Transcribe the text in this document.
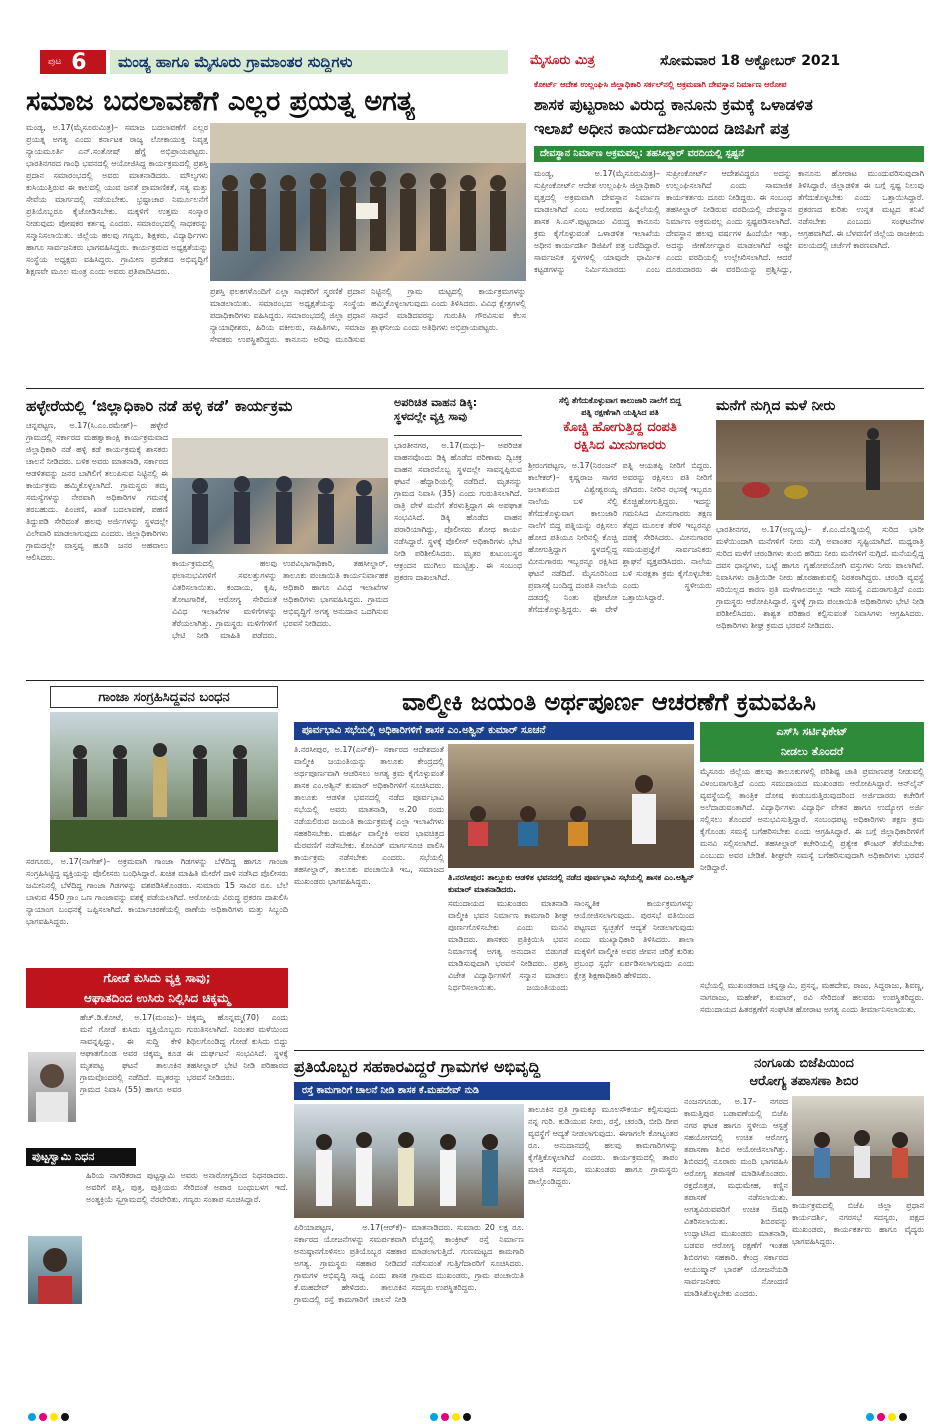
ಪುಟ 6 ಮಂಡ್ಯ ಹಾಗೂ ಮೈಸೂರು ಗ್ರಾಮಾಂತರ ಸುದ್ದಿಗಳು	ಮೈಸೂರು ಮಿತ್ರ	ಸೋಮವಾರ 18 ಅಕ್ಟೋಬರ್ 2021
ಸಮಾಜ ಬದಲಾವಣೆಗೆ ಎಲ್ಲರ ಪ್ರಯತ್ನ ಅಗತ್ಯ
ಮಂಡ್ಯ, ಅ.17(ಮೈಸೂರುಮಿತ್ರ)– ಸಮಾಜ ಬದಲಾವಣೆಗೆ ಎಲ್ಲರ ಪ್ರಯತ್ನ ಅಗತ್ಯ ಎಂದು ಕರ್ನಾಟಕ ರಾಜ್ಯ ಲೋಕಾಯುಕ್ತ ನಿವೃತ್ತ ನ್ಯಾಯಮೂರ್ತಿ ಎನ್.ಸಂತೋಷ್ ಹೆಗ್ಡೆ ಅಭಿಪ್ರಾಯಪಟ್ಟರು. ಭಾರತಿನಗರದ ಗಾಂಧಿ ಭವನದಲ್ಲಿ ಆಯೋಜಿಸಿದ್ದ ಕಾರ್ಯಕ್ರಮದಲ್ಲಿ ಪ್ರಶಸ್ತಿ ಪ್ರದಾನ ಸಮಾರಂಭದಲ್ಲಿ ಅವರು ಮಾತನಾಡಿದರು. ಮೌಲ್ಯಗಳು ಕುಸಿಯುತ್ತಿರುವ ಈ ಕಾಲದಲ್ಲಿ ಯುವ ಜನತೆ ಪ್ರಾಮಾಣಿಕತೆ, ಸತ್ಯ ಮತ್ತು ಸೇವೆಯ ಮಾರ್ಗದಲ್ಲಿ ನಡೆಯಬೇಕು. ಭ್ರಷ್ಟಾಚಾರ ನಿರ್ಮೂಲನೆಗೆ ಪ್ರತಿಯೊಬ್ಬರೂ ಕೈಜೋಡಿಸಬೇಕು. ಮಕ್ಕಳಿಗೆ ಉತ್ತಮ ಸಂಸ್ಕಾರ ನೀಡುವುದು ಪೋಷಕರ ಕರ್ತವ್ಯ ಎಂದರು. ಸಮಾರಂಭದಲ್ಲಿ ಸಾಧಕರನ್ನು ಸನ್ಮಾನಿಸಲಾಯಿತು. ಜಿಲ್ಲೆಯ ಹಲವು ಗಣ್ಯರು, ಶಿಕ್ಷಕರು, ವಿದ್ಯಾರ್ಥಿಗಳು ಹಾಗೂ ಸಾರ್ವಜನಿಕರು ಭಾಗವಹಿಸಿದ್ದರು. ಕಾರ್ಯಕ್ರಮದ ಅಧ್ಯಕ್ಷತೆಯನ್ನು ಸಂಸ್ಥೆಯ ಅಧ್ಯಕ್ಷರು ವಹಿಸಿದ್ದರು. ಗ್ರಾಮೀಣ ಪ್ರದೇಶದ ಅಭಿವೃದ್ಧಿಗೆ ಶಿಕ್ಷಣವೇ ಮೂಲ ಮಂತ್ರ ಎಂದು ಅವರು ಪ್ರತಿಪಾದಿಸಿದರು.
ಪ್ರಶಸ್ತಿ ಫಲಕಗಳೊಂದಿಗೆ ಎಲ್ಲಾ ಸಾಧಕರಿಗೆ ಸ್ಮರಣಿಕೆ ಪ್ರದಾನ ಮಾಡಲಾಯಿತು. ಸಮಾರಂಭದ ಅಧ್ಯಕ್ಷತೆಯನ್ನು ಸಂಸ್ಥೆಯ ಪದಾಧಿಕಾರಿಗಳು ವಹಿಸಿದ್ದರು. ಸಮಾರಂಭದಲ್ಲಿ ಜಿಲ್ಲಾ ಪ್ರಧಾನ ನ್ಯಾಯಾಧೀಶರು, ಹಿರಿಯ ವಕೀಲರು, ಸಾಹಿತಿಗಳು, ಸಮಾಜ ಸೇವಕರು ಉಪಸ್ಥಿತರಿದ್ದರು. ಕಾನೂನು ಅರಿವು ಮೂಡಿಸುವ ನಿಟ್ಟಿನಲ್ಲಿ ಗ್ರಾಮ ಮಟ್ಟದಲ್ಲಿ ಕಾರ್ಯಕ್ರಮಗಳನ್ನು ಹಮ್ಮಿಕೊಳ್ಳಲಾಗುವುದು ಎಂದು ತಿಳಿಸಿದರು. ವಿವಿಧ ಕ್ಷೇತ್ರಗಳಲ್ಲಿ ಸಾಧನೆ ಮಾಡಿದವರನ್ನು ಗುರುತಿಸಿ ಗೌರವಿಸುವ ಕೆಲಸ ಶ್ಲಾಘನೀಯ ಎಂದು ಅತಿಥಿಗಳು ಅಭಿಪ್ರಾಯಪಟ್ಟರು.
ಕೋರ್ಟ್ ಆದೇಶ ಉಲ್ಲಂಘಿಸಿ ಜಿಲ್ಲಾಧಿಕಾರಿ ಸರ್ಕಲ್‌ನಲ್ಲಿ ಅಕ್ರಮವಾಗಿ ದೇವಸ್ಥಾನ ನಿರ್ಮಾಣ ಆರೋಪ
ಶಾಸಕ ಪುಟ್ಟರಾಜು ವಿರುದ್ಧ ಕಾನೂನು ಕ್ರಮಕ್ಕೆ ಒಳಾಡಳಿತ
ಇಲಾಖೆ ಅಧೀನ ಕಾರ್ಯದರ್ಶಿಯಿಂದ ಡಿಜಿಪಿಗೆ ಪತ್ರ
ದೇವಸ್ಥಾನ ನಿರ್ಮಾಣ ಅಕ್ರಮವಲ್ಲ: ತಹಸೀಲ್ದಾರ್ ವರದಿಯಲ್ಲಿ ಸ್ಪಷ್ಟನೆ
ಮಂಡ್ಯ, ಅ.17(ಮೈಸೂರುಮಿತ್ರ)– ಸುಪ್ರೀಂಕೋರ್ಟ್ ಆದೇಶ ಉಲ್ಲಂಘಿಸಿ ಜಿಲ್ಲಾಧಿಕಾರಿ ವೃತ್ತದಲ್ಲಿ ಅಕ್ರಮವಾಗಿ ದೇವಸ್ಥಾನ ನಿರ್ಮಾಣ ಮಾಡಲಾಗಿದೆ ಎಂಬ ಆರೋಪದ ಹಿನ್ನೆಲೆಯಲ್ಲಿ ಶಾಸಕ ಸಿ.ಎಸ್.ಪುಟ್ಟರಾಜು ವಿರುದ್ಧ ಕಾನೂನು ಕ್ರಮ ಕೈಗೊಳ್ಳುವಂತೆ ಒಳಾಡಳಿತ ಇಲಾಖೆಯ ಅಧೀನ ಕಾರ್ಯದರ್ಶಿ ಡಿಜಿಪಿಗೆ ಪತ್ರ ಬರೆದಿದ್ದಾರೆ. ಸಾರ್ವಜನಿಕ ಸ್ಥಳಗಳಲ್ಲಿ ಯಾವುದೇ ಧಾರ್ಮಿಕ ಕಟ್ಟಡಗಳನ್ನು ನಿರ್ಮಿಸಬಾರದು ಎಂಬ ಸುಪ್ರೀಂಕೋರ್ಟ್ ಆದೇಶವಿದ್ದರೂ ಅದನ್ನು ಉಲ್ಲಂಘಿಸಲಾಗಿದೆ ಎಂದು ಸಾಮಾಜಿಕ ಕಾರ್ಯಕರ್ತರು ದೂರು ನೀಡಿದ್ದರು. ಈ ಸಂಬಂಧ ತಹಸೀಲ್ದಾರ್ ನೀಡಿರುವ ವರದಿಯಲ್ಲಿ ದೇವಸ್ಥಾನ ನಿರ್ಮಾಣ ಅಕ್ರಮವಲ್ಲ ಎಂದು ಸ್ಪಷ್ಟಪಡಿಸಲಾಗಿದೆ. ದೇವಸ್ಥಾನ ಹಲವು ವರ್ಷಗಳ ಹಿಂದೆಯೇ ಇತ್ತು, ಅದನ್ನು ಜೀರ್ಣೋದ್ಧಾರ ಮಾಡಲಾಗಿದೆ ಅಷ್ಟೇ ಎಂದು ವರದಿಯಲ್ಲಿ ಉಲ್ಲೇಖಿಸಲಾಗಿದೆ. ಆದರೆ ದೂರುದಾರರು ಈ ವರದಿಯನ್ನು ಪ್ರಶ್ನಿಸಿದ್ದು, ಕಾನೂನು ಹೋರಾಟ ಮುಂದುವರಿಸುವುದಾಗಿ ತಿಳಿಸಿದ್ದಾರೆ. ಜಿಲ್ಲಾಡಳಿತ ಈ ಬಗ್ಗೆ ಸ್ಪಷ್ಟ ನಿಲುವು ತೆಗೆದುಕೊಳ್ಳಬೇಕು ಎಂದು ಒತ್ತಾಯಿಸಿದ್ದಾರೆ. ಪ್ರಕರಣದ ಕುರಿತು ಉನ್ನತ ಮಟ್ಟದ ತನಿಖೆ ನಡೆಸಬೇಕು ಎಂಬುದು ಸಂಘಟನೆಗಳ ಆಗ್ರಹವಾಗಿದೆ. ಈ ಬೆಳವಣಿಗೆ ಜಿಲ್ಲೆಯ ರಾಜಕೀಯ ವಲಯದಲ್ಲಿ ಚರ್ಚೆಗೆ ಕಾರಣವಾಗಿದೆ.
ಹಳ್ಳೇರೆಯಲ್ಲಿ ‘ಜಿಲ್ಲಾಧಿಕಾರಿ ನಡೆ ಹಳ್ಳಿ ಕಡೆ’ ಕಾರ್ಯಕ್ರಮ
ಚನ್ನಪಟ್ಟಣ, ಅ.17(ಸಿ.ಎಂ.ರಮೇಶ್)– ಹಳ್ಳೇರೆ ಗ್ರಾಮದಲ್ಲಿ ಸರ್ಕಾರದ ಮಹತ್ವಾಕಾಂಕ್ಷಿ ಕಾರ್ಯಕ್ರಮವಾದ ಜಿಲ್ಲಾಧಿಕಾರಿ ನಡೆ ಹಳ್ಳಿ ಕಡೆ ಕಾರ್ಯಕ್ರಮಕ್ಕೆ ಶಾಸಕರು ಚಾಲನೆ ನೀಡಿದರು. ಬಳಿಕ ಅವರು ಮಾತನಾಡಿ, ಸರ್ಕಾರದ ಆಡಳಿತವನ್ನು ಜನರ ಬಾಗಿಲಿಗೆ ತಲುಪಿಸುವ ನಿಟ್ಟಿನಲ್ಲಿ ಈ ಕಾರ್ಯಕ್ರಮ ಹಮ್ಮಿಕೊಳ್ಳಲಾಗಿದೆ. ಗ್ರಾಮಸ್ಥರು ತಮ್ಮ ಸಮಸ್ಯೆಗಳನ್ನು ನೇರವಾಗಿ ಅಧಿಕಾರಿಗಳ ಗಮನಕ್ಕೆ ತರಬಹುದು. ಪಿಂಚಣಿ, ಖಾತೆ ಬದಲಾವಣೆ, ಪಹಣಿ ತಿದ್ದುಪಡಿ ಸೇರಿದಂತೆ ಹಲವು ಅರ್ಜಿಗಳನ್ನು ಸ್ಥಳದಲ್ಲೇ ವಿಲೇವಾರಿ ಮಾಡಲಾಗುವುದು ಎಂದರು. ಜಿಲ್ಲಾಧಿಕಾರಿಗಳು ಗ್ರಾಮದಲ್ಲೇ ವಾಸ್ತವ್ಯ ಹೂಡಿ ಜನರ ಅಹವಾಲು ಆಲಿಸಿದರು.
ಕಾರ್ಯಕ್ರಮದಲ್ಲಿ ಹಲವು ಫಲಾನುಭವಿಗಳಿಗೆ ಸವಲತ್ತುಗಳನ್ನು ವಿತರಿಸಲಾಯಿತು. ಕಂದಾಯ, ಕೃಷಿ, ತೋಟಗಾರಿಕೆ, ಆರೋಗ್ಯ ಸೇರಿದಂತೆ ವಿವಿಧ ಇಲಾಖೆಗಳ ಮಳಿಗೆಗಳನ್ನು ತೆರೆಯಲಾಗಿತ್ತು. ಗ್ರಾಮಸ್ಥರು ಮಳಿಗೆಗಳಿಗೆ ಭೇಟಿ ನೀಡಿ ಮಾಹಿತಿ ಪಡೆದರು. ಉಪವಿಭಾಗಾಧಿಕಾರಿ, ತಹಸೀಲ್ದಾರ್, ತಾಲೂಕು ಪಂಚಾಯಿತಿ ಕಾರ್ಯನಿರ್ವಾಹಕ ಅಧಿಕಾರಿ ಹಾಗೂ ವಿವಿಧ ಇಲಾಖೆಗಳ ಅಧಿಕಾರಿಗಳು ಭಾಗವಹಿಸಿದ್ದರು. ಗ್ರಾಮದ ಅಭಿವೃದ್ಧಿಗೆ ಅಗತ್ಯ ಅನುದಾನ ಒದಗಿಸುವ ಭರವಸೆ ನೀಡಿದರು.
ಅಪರಿಚಿತ ವಾಹನ ಡಿಕ್ಕಿ:
ಸ್ಥಳದಲ್ಲೇ ವ್ಯಕ್ತಿ ಸಾವು
ಭಾರತೀನಗರ, ಅ.17(ಮಧು)– ಅಪರಿಚಿತ ವಾಹನವೊಂದು ಡಿಕ್ಕಿ ಹೊಡೆದ ಪರಿಣಾಮ ದ್ವಿಚಕ್ರ ವಾಹನ ಸವಾರನೊಬ್ಬ ಸ್ಥಳದಲ್ಲೇ ಸಾವನ್ನಪ್ಪಿರುವ ಘಟನೆ ಹೆದ್ದಾರಿಯಲ್ಲಿ ನಡೆದಿದೆ. ಮೃತನನ್ನು ಗ್ರಾಮದ ನಿವಾಸಿ (35) ಎಂದು ಗುರುತಿಸಲಾಗಿದೆ. ರಾತ್ರಿ ವೇಳೆ ಮನೆಗೆ ತೆರಳುತ್ತಿದ್ದಾಗ ಈ ಅಪಘಾತ ಸಂಭವಿಸಿದೆ. ಡಿಕ್ಕಿ ಹೊಡೆದ ವಾಹನ ಪರಾರಿಯಾಗಿದ್ದು, ಪೊಲೀಸರು ಶೋಧ ಕಾರ್ಯ ನಡೆಸಿದ್ದಾರೆ. ಸ್ಥಳಕ್ಕೆ ಪೊಲೀಸ್ ಅಧಿಕಾರಿಗಳು ಭೇಟಿ ನೀಡಿ ಪರಿಶೀಲಿಸಿದರು. ಮೃತರ ಕುಟುಂಬಸ್ಥರ ಆಕ್ರಂದನ ಮುಗಿಲು ಮುಟ್ಟಿತ್ತು. ಈ ಸಂಬಂಧ ಪ್ರಕರಣ ದಾಖಲಾಗಿದೆ.
ಸೆಲ್ಫಿ ತೆಗೆದುಕೊಳ್ಳುವಾಗ ಕಾಲುಜಾರಿ ನಾಲೆಗೆ ಬಿದ್ದ
ಪತ್ನಿ ರಕ್ಷಣೆಗಾಗಿ ಯತ್ನಿಸಿದ ಪತಿ
ಕೊಚ್ಚಿ ಹೋಗುತ್ತಿದ್ದ ದಂಪತಿ
ರಕ್ಷಿಸಿದ ಮೀನುಗಾರರು
ಶ್ರೀರಂಗಪಟ್ಟಣ, ಅ.17(ನಿರಂಜನ್ ಕಾಲೇಕರ್)– ಕೃಷ್ಣರಾಜ ಸಾಗರ ಜಲಾಶಯದ ವಿಶ್ವೇಶ್ವರಯ್ಯ ನಾಲೆಯ ಬಳಿ ಸೆಲ್ಫಿ ತೆಗೆದುಕೊಳ್ಳುವಾಗ ಕಾಲುಜಾರಿ ನಾಲೆಗೆ ಬಿದ್ದ ಪತ್ನಿಯನ್ನು ರಕ್ಷಿಸಲು ಹೋದ ಪತಿಯೂ ನೀರಿನಲ್ಲಿ ಕೊಚ್ಚಿ ಹೋಗುತ್ತಿದ್ದಾಗ ಸ್ಥಳದಲ್ಲಿದ್ದ ಮೀನುಗಾರರು ಇಬ್ಬರನ್ನೂ ರಕ್ಷಿಸಿದ ಘಟನೆ ನಡೆದಿದೆ. ಮೈಸೂರಿನಿಂದ ಪ್ರವಾಸಕ್ಕೆ ಬಂದಿದ್ದ ದಂಪತಿ ನಾಲೆಯ ದಡದಲ್ಲಿ ನಿಂತು ಫೋಟೋ ತೆಗೆದುಕೊಳ್ಳುತ್ತಿದ್ದರು. ಈ ವೇಳೆ ಪತ್ನಿ ಆಯತಪ್ಪಿ ನೀರಿಗೆ ಬಿದ್ದರು. ಅವರನ್ನು ರಕ್ಷಿಸಲು ಪತಿ ನೀರಿಗೆ ಜಿಗಿದರು. ನೀರಿನ ರಭಸಕ್ಕೆ ಇಬ್ಬರೂ ಕೊಚ್ಚಿಹೋಗುತ್ತಿದ್ದರು. ಇದನ್ನು ಗಮನಿಸಿದ ಮೀನುಗಾರರು ತಕ್ಷಣ ತೆಪ್ಪದ ಮೂಲಕ ತೆರಳಿ ಇಬ್ಬರನ್ನೂ ದಡಕ್ಕೆ ಸೇರಿಸಿದರು. ಮೀನುಗಾರರ ಸಮಯಪ್ರಜ್ಞೆಗೆ ಸಾರ್ವಜನಿಕರು ಶ್ಲಾಘನೆ ವ್ಯಕ್ತಪಡಿಸಿದರು. ನಾಲೆಯ ಬಳಿ ಸುರಕ್ಷತಾ ಕ್ರಮ ಕೈಗೊಳ್ಳಬೇಕು ಎಂದು ಸ್ಥಳೀಯರು ಒತ್ತಾಯಿಸಿದ್ದಾರೆ.
ಮನೆಗೆ ನುಗ್ಗಿದ ಮಳೆ ನೀರು
ಭಾರತೀನಗರ, ಅ.17(ಅಣ್ಣಯ್ಯ)– ಕೆ.ಎಂ.ದೊಡ್ಡಿಯಲ್ಲಿ ಸುರಿದ ಭಾರೀ ಮಳೆಯಿಂದಾಗಿ ಮನೆಗಳಿಗೆ ನೀರು ನುಗ್ಗಿ ಅವಾಂತರ ಸೃಷ್ಟಿಯಾಗಿದೆ. ಮಧ್ಯರಾತ್ರಿ ಸುರಿದ ಮಳೆಗೆ ಚರಂಡಿಗಳು ತುಂಬಿ ಹರಿದು ನೀರು ಮನೆಗಳಿಗೆ ನುಗ್ಗಿದೆ. ಮನೆಯಲ್ಲಿದ್ದ ದವಸ ಧಾನ್ಯಗಳು, ಬಟ್ಟೆ ಹಾಗೂ ಗೃಹೋಪಯೋಗಿ ವಸ್ತುಗಳು ನೀರು ಪಾಲಾಗಿವೆ. ನಿವಾಸಿಗಳು ರಾತ್ರಿಯಿಡೀ ನೀರು ಹೊರಹಾಕುವಲ್ಲಿ ನಿರತರಾಗಿದ್ದರು. ಚರಂಡಿ ವ್ಯವಸ್ಥೆ ಸರಿಯಿಲ್ಲದ ಕಾರಣ ಪ್ರತಿ ಮಳೆಗಾಲದಲ್ಲೂ ಇದೇ ಸಮಸ್ಯೆ ಎದುರಾಗುತ್ತಿದೆ ಎಂದು ಗ್ರಾಮಸ್ಥರು ಆರೋಪಿಸಿದ್ದಾರೆ. ಸ್ಥಳಕ್ಕೆ ಗ್ರಾಮ ಪಂಚಾಯಿತಿ ಅಧಿಕಾರಿಗಳು ಭೇಟಿ ನೀಡಿ ಪರಿಶೀಲಿಸಿದರು. ಶಾಶ್ವತ ಪರಿಹಾರ ಕಲ್ಪಿಸುವಂತೆ ನಿವಾಸಿಗಳು ಆಗ್ರಹಿಸಿದರು. ಅಧಿಕಾರಿಗಳು ಶೀಘ್ರ ಕ್ರಮದ ಭರವಸೆ ನೀಡಿದರು.
ಗಾಂಜಾ ಸಂಗ್ರಹಿಸಿದ್ದವನ ಬಂಧನ
ಸರಗೂರು, ಅ.17(ನಾಗೇಶ್)– ಅಕ್ರಮವಾಗಿ ಗಾಂಜಾ ಗಿಡಗಳನ್ನು ಬೆಳೆದಿದ್ದ ಹಾಗೂ ಗಾಂಜಾ ಸಂಗ್ರಹಿಸಿಟ್ಟಿದ್ದ ವ್ಯಕ್ತಿಯನ್ನು ಪೊಲೀಸರು ಬಂಧಿಸಿದ್ದಾರೆ. ಖಚಿತ ಮಾಹಿತಿ ಮೇರೆಗೆ ದಾಳಿ ನಡೆಸಿದ ಪೊಲೀಸರು ಜಮೀನಿನಲ್ಲಿ ಬೆಳೆದಿದ್ದ ಗಾಂಜಾ ಗಿಡಗಳನ್ನು ವಶಪಡಿಸಿಕೊಂಡರು. ಸುಮಾರು 15 ಸಾವಿರ ರೂ. ಬೆಲೆ ಬಾಳುವ 450 ಗ್ರಾಂ ಒಣ ಗಾಂಜಾವನ್ನು ವಶಕ್ಕೆ ಪಡೆಯಲಾಗಿದೆ. ಆರೋಪಿಯ ವಿರುದ್ಧ ಪ್ರಕರಣ ದಾಖಲಿಸಿ ನ್ಯಾಯಾಂಗ ಬಂಧನಕ್ಕೆ ಒಪ್ಪಿಸಲಾಗಿದೆ. ಕಾರ್ಯಾಚರಣೆಯಲ್ಲಿ ಠಾಣೆಯ ಅಧಿಕಾರಿಗಳು ಮತ್ತು ಸಿಬ್ಬಂದಿ ಭಾಗವಹಿಸಿದ್ದರು.
ಗೋಡೆ ಕುಸಿದು ವ್ಯಕ್ತಿ ಸಾವು;
ಆಘಾತದಿಂದ ಉಸಿರು ನಿಲ್ಲಿಸಿದ ಚಿಕ್ಕಮ್ಮ
ಹೆಚ್.ಡಿ.ಕೋಟೆ, ಅ.17(ಮಂಜು)– ಮನೆ ಗೋಡೆ ಕುಸಿದು ವ್ಯಕ್ತಿಯೊಬ್ಬರು ಸಾವನ್ನಪ್ಪಿದ್ದು, ಈ ಸುದ್ದಿ ಕೇಳಿ ಆಘಾತಗೊಂಡ ಅವರ ಚಿಕ್ಕಮ್ಮ ಕೂಡ ಮೃತಪಟ್ಟ ಘಟನೆ ತಾಲೂಕಿನ ಗ್ರಾಮವೊಂದರಲ್ಲಿ ನಡೆದಿದೆ. ಮೃತರನ್ನು ಗ್ರಾಮದ ನಿವಾಸಿ (55) ಹಾಗೂ ಅವರ ಚಿಕ್ಕಮ್ಮ ಹೊನ್ನಮ್ಮ(70) ಎಂದು ಗುರುತಿಸಲಾಗಿದೆ. ನಿರಂತರ ಮಳೆಯಿಂದ ಶಿಥಿಲಗೊಂಡಿದ್ದ ಗೋಡೆ ಕುಸಿದು ಬಿದ್ದು ಈ ದುರ್ಘಟನೆ ಸಂಭವಿಸಿದೆ. ಸ್ಥಳಕ್ಕೆ ತಹಸೀಲ್ದಾರ್ ಭೇಟಿ ನೀಡಿ ಪರಿಹಾರದ ಭರವಸೆ ನೀಡಿದರು.
ಪುಟ್ಟಸ್ವಾಮಿ ನಿಧನ
ಹಿರಿಯ ನಾಗರಿಕರಾದ ಪುಟ್ಟಸ್ವಾಮಿ ಅವರು ಅನಾರೋಗ್ಯದಿಂದ ನಿಧನರಾದರು. ಅವರಿಗೆ ಪತ್ನಿ, ಪುತ್ರ, ಪುತ್ರಿಯರು ಸೇರಿದಂತೆ ಅಪಾರ ಬಂಧುಬಳಗ ಇದೆ. ಅಂತ್ಯಕ್ರಿಯೆ ಸ್ವಗ್ರಾಮದಲ್ಲಿ ನೆರವೇರಿತು. ಗಣ್ಯರು ಸಂತಾಪ ಸೂಚಿಸಿದ್ದಾರೆ.
ವಾಲ್ಮೀಕಿ ಜಯಂತಿ ಅರ್ಥಪೂರ್ಣ ಆಚರಣೆಗೆ ಕ್ರಮವಹಿಸಿ
ಪೂರ್ವಭಾವಿ ಸಭೆಯಲ್ಲಿ ಅಧಿಕಾರಿಗಳಿಗೆ ಶಾಸಕ ಎಂ.ಅಶ್ವಿನ್ ಕುಮಾರ್ ಸೂಚನೆ
ತಿ.ನರಸೀಪುರ, ಅ.17(ಎಸ್‌ಕೆ)– ಸರ್ಕಾರದ ಆದೇಶದಂತೆ ವಾಲ್ಮೀಕಿ ಜಯಂತಿಯನ್ನು ತಾಲೂಕು ಕೇಂದ್ರದಲ್ಲಿ ಅರ್ಥಪೂರ್ಣವಾಗಿ ಆಚರಿಸಲು ಅಗತ್ಯ ಕ್ರಮ ಕೈಗೊಳ್ಳುವಂತೆ ಶಾಸಕ ಎಂ.ಅಶ್ವಿನ್ ಕುಮಾರ್ ಅಧಿಕಾರಿಗಳಿಗೆ ಸೂಚಿಸಿದರು. ತಾಲೂಕು ಆಡಳಿತ ಭವನದಲ್ಲಿ ನಡೆದ ಪೂರ್ವಭಾವಿ ಸಭೆಯಲ್ಲಿ ಅವರು ಮಾತನಾಡಿ, ಅ.20 ರಂದು ನಡೆಯಲಿರುವ ಜಯಂತಿ ಕಾರ್ಯಕ್ರಮಕ್ಕೆ ಎಲ್ಲಾ ಇಲಾಖೆಗಳು ಸಹಕರಿಸಬೇಕು. ಮಹರ್ಷಿ ವಾಲ್ಮೀಕಿ ಅವರ ಭಾವಚಿತ್ರದ ಮೆರವಣಿಗೆ ನಡೆಸಬೇಕು. ಕೋವಿಡ್ ಮಾರ್ಗಸೂಚಿ ಪಾಲಿಸಿ ಕಾರ್ಯಕ್ರಮ ನಡೆಸಬೇಕು ಎಂದರು. ಸಭೆಯಲ್ಲಿ ತಹಸೀಲ್ದಾರ್, ತಾಲೂಕು ಪಂಚಾಯಿತಿ ಇಒ, ಸಮಾಜದ ಮುಖಂಡರು ಭಾಗವಹಿಸಿದ್ದರು.	ತಿ.ನರಸೀಪುರ: ತಾಲ್ಲೂಕು ಆಡಳಿತ ಭವನದಲ್ಲಿ ನಡೆದ ಪೂರ್ವಭಾವಿ ಸಭೆಯಲ್ಲಿ ಶಾಸಕ ಎಂ.ಅಶ್ವಿನ್ ಕುಮಾರ್ ಮಾತನಾಡಿದರು.
ಸಮುದಾಯದ ಮುಖಂಡರು ಮಾತನಾಡಿ ವಾಲ್ಮೀಕಿ ಭವನ ನಿರ್ಮಾಣ ಕಾಮಗಾರಿ ಶೀಘ್ರ ಪೂರ್ಣಗೊಳಿಸಬೇಕು ಎಂದು ಮನವಿ ಮಾಡಿದರು. ಶಾಸಕರು ಪ್ರತಿಕ್ರಿಯಿಸಿ ಭವನ ನಿರ್ಮಾಣಕ್ಕೆ ಅಗತ್ಯ ಅನುದಾನ ಬಿಡುಗಡೆ ಮಾಡಿಸುವುದಾಗಿ ಭರವಸೆ ನೀಡಿದರು. ಪ್ರಶಸ್ತಿ ವಿಜೇತ ವಿದ್ಯಾರ್ಥಿಗಳಿಗೆ ಸನ್ಮಾನ ಮಾಡಲು ನಿರ್ಧರಿಸಲಾಯಿತು. ಜಯಂತಿಯಂದು ಸಾಂಸ್ಕೃತಿಕ ಕಾರ್ಯಕ್ರಮಗಳನ್ನು ಆಯೋಜಿಸಲಾಗುವುದು. ಪುರಸಭೆ ವತಿಯಿಂದ ಪಟ್ಟಣದ ಸ್ವಚ್ಛತೆಗೆ ಆದ್ಯತೆ ನೀಡಲಾಗುವುದು ಎಂದು ಮುಖ್ಯಾಧಿಕಾರಿ ತಿಳಿಸಿದರು. ಶಾಲಾ ಮಕ್ಕಳಿಗೆ ವಾಲ್ಮೀಕಿ ಅವರ ಜೀವನ ಚರಿತ್ರೆ ಕುರಿತು ಪ್ರಬಂಧ ಸ್ಪರ್ಧೆ ಏರ್ಪಡಿಸಲಾಗುವುದು ಎಂದು ಕ್ಷೇತ್ರ ಶಿಕ್ಷಣಾಧಿಕಾರಿ ಹೇಳಿದರು.
ಎಸ್‌ಸಿ ಸರ್ಟಿಫಿಕೇಟ್
ನೀಡಲು ತೊಂದರೆ
ಮೈಸೂರು ಜಿಲ್ಲೆಯ ಹಲವು ತಾಲೂಕುಗಳಲ್ಲಿ ಪರಿಶಿಷ್ಟ ಜಾತಿ ಪ್ರಮಾಣಪತ್ರ ನೀಡುವಲ್ಲಿ ವಿಳಂಬವಾಗುತ್ತಿದೆ ಎಂದು ಸಮುದಾಯದ ಮುಖಂಡರು ಆರೋಪಿಸಿದ್ದಾರೆ. ಆನ್‌ಲೈನ್ ವ್ಯವಸ್ಥೆಯಲ್ಲಿ ತಾಂತ್ರಿಕ ದೋಷ ಕಂಡುಬರುತ್ತಿರುವುದರಿಂದ ಅರ್ಜಿದಾರರು ಕಚೇರಿಗೆ ಅಲೆದಾಡುವಂತಾಗಿದೆ. ವಿದ್ಯಾರ್ಥಿಗಳು ವಿದ್ಯಾರ್ಥಿ ವೇತನ ಹಾಗೂ ಉದ್ಯೋಗ ಅರ್ಜಿ ಸಲ್ಲಿಸಲು ತೊಂದರೆ ಅನುಭವಿಸುತ್ತಿದ್ದಾರೆ. ಸಂಬಂಧಪಟ್ಟ ಅಧಿಕಾರಿಗಳು ತಕ್ಷಣ ಕ್ರಮ ಕೈಗೊಂಡು ಸಮಸ್ಯೆ ಬಗೆಹರಿಸಬೇಕು ಎಂದು ಆಗ್ರಹಿಸಿದ್ದಾರೆ. ಈ ಬಗ್ಗೆ ಜಿಲ್ಲಾಧಿಕಾರಿಗಳಿಗೆ ಮನವಿ ಸಲ್ಲಿಸಲಾಗಿದೆ. ತಹಸೀಲ್ದಾರ್ ಕಚೇರಿಯಲ್ಲಿ ಪ್ರತ್ಯೇಕ ಕೌಂಟರ್ ತೆರೆಯಬೇಕು ಎಂಬುದು ಅವರ ಬೇಡಿಕೆ. ಶೀಘ್ರವೇ ಸಮಸ್ಯೆ ಬಗೆಹರಿಸುವುದಾಗಿ ಅಧಿಕಾರಿಗಳು ಭರವಸೆ ನೀಡಿದ್ದಾರೆ.
ಸಭೆಯಲ್ಲಿ ಮುಖಂಡರಾದ ಚನ್ನಸ್ವಾಮಿ, ಪ್ರಸನ್ನ, ಮಹದೇವ, ರಾಜು, ಸಿದ್ದರಾಜು, ಶಿವಣ್ಣ, ನಾಗರಾಜು, ಮಹೇಶ್, ಕುಮಾರ್, ರವಿ ಸೇರಿದಂತೆ ಹಲವರು ಉಪಸ್ಥಿತರಿದ್ದರು. ಸಮುದಾಯದ ಹಿತರಕ್ಷಣೆಗೆ ಸಂಘಟಿತ ಹೋರಾಟ ಅಗತ್ಯ ಎಂದು ತೀರ್ಮಾನಿಸಲಾಯಿತು.
ಪ್ರತಿಯೊಬ್ಬರ ಸಹಕಾರವಿದ್ದರೆ ಗ್ರಾಮಗಳ ಅಭಿವೃದ್ಧಿ
ರಸ್ತೆ ಕಾಮಗಾರಿಗೆ ಚಾಲನೆ ನೀಡಿ ಶಾಸಕ ಕೆ.ಮಹದೇವ್ ನುಡಿ
ಪಿರಿಯಾಪಟ್ಟಣ, ಅ.17(ಆರ್‌ಕೆ)– ಸರ್ಕಾರದ ಯೋಜನೆಗಳನ್ನು ಸಮರ್ಪಕವಾಗಿ ಅನುಷ್ಠಾನಗೊಳಿಸಲು ಪ್ರತಿಯೊಬ್ಬರ ಸಹಕಾರ ಅಗತ್ಯ. ಗ್ರಾಮಸ್ಥರು ಸಹಕಾರ ನೀಡಿದರೆ ಗ್ರಾಮಗಳ ಅಭಿವೃದ್ಧಿ ಸಾಧ್ಯ ಎಂದು ಶಾಸಕ ಕೆ.ಮಹದೇವ್ ಹೇಳಿದರು. ತಾಲೂಕಿನ ಗ್ರಾಮದಲ್ಲಿ ರಸ್ತೆ ಕಾಮಗಾರಿಗೆ ಚಾಲನೆ ನೀಡಿ ಮಾತನಾಡಿದರು. ಸುಮಾರು 20 ಲಕ್ಷ ರೂ. ವೆಚ್ಚದಲ್ಲಿ ಕಾಂಕ್ರೀಟ್ ರಸ್ತೆ ನಿರ್ಮಾಣ ಮಾಡಲಾಗುತ್ತಿದೆ. ಗುಣಮಟ್ಟದ ಕಾಮಗಾರಿ ನಡೆಸುವಂತೆ ಗುತ್ತಿಗೆದಾರರಿಗೆ ಸೂಚಿಸಿದರು. ಗ್ರಾಮದ ಮುಖಂಡರು, ಗ್ರಾಮ ಪಂಚಾಯಿತಿ ಸದಸ್ಯರು ಉಪಸ್ಥಿತರಿದ್ದರು.
ತಾಲೂಕಿನ ಪ್ರತಿ ಗ್ರಾಮಕ್ಕೂ ಮೂಲಸೌಕರ್ಯ ಕಲ್ಪಿಸುವುದು ನನ್ನ ಗುರಿ. ಕುಡಿಯುವ ನೀರು, ರಸ್ತೆ, ಚರಂಡಿ, ಬೀದಿ ದೀಪ ವ್ಯವಸ್ಥೆಗೆ ಆದ್ಯತೆ ನೀಡಲಾಗುವುದು. ಈಗಾಗಲೇ ಕೋಟ್ಯಂತರ ರೂ. ಅನುದಾನದಲ್ಲಿ ಹಲವು ಕಾಮಗಾರಿಗಳನ್ನು ಕೈಗೆತ್ತಿಕೊಳ್ಳಲಾಗಿದೆ ಎಂದರು. ಕಾರ್ಯಕ್ರಮದಲ್ಲಿ ತಾಪಂ ಮಾಜಿ ಸದಸ್ಯರು, ಮುಖಂಡರು ಹಾಗೂ ಗ್ರಾಮಸ್ಥರು ಪಾಲ್ಗೊಂಡಿದ್ದರು.
ನಂಗೂಡು ಬಿಜೆಪಿಯಿಂದ
ಆರೋಗ್ಯ ತಪಾಸಣಾ ಶಿಬಿರ
ನಂಜನಗೂಡು, ಅ.17– ನಗರದ ಕಾಮತ್ತಿಪುರ ಬಡಾವಣೆಯಲ್ಲಿ ಬಿಜೆಪಿ ನಗರ ಘಟಕ ಹಾಗೂ ಸ್ಥಳೀಯ ಆಸ್ಪತ್ರೆ ಸಹಯೋಗದಲ್ಲಿ ಉಚಿತ ಆರೋಗ್ಯ ತಪಾಸಣಾ ಶಿಬಿರ ಆಯೋಜಿಸಲಾಗಿತ್ತು. ಶಿಬಿರದಲ್ಲಿ ನೂರಾರು ಮಂದಿ ಭಾಗವಹಿಸಿ ಆರೋಗ್ಯ ತಪಾಸಣೆ ಮಾಡಿಸಿಕೊಂಡರು. ರಕ್ತದೊತ್ತಡ, ಮಧುಮೇಹ, ಕಣ್ಣಿನ ತಪಾಸಣೆ ನಡೆಸಲಾಯಿತು. ಅಗತ್ಯವಿರುವವರಿಗೆ ಉಚಿತ ಔಷಧಿ ವಿತರಿಸಲಾಯಿತು. ಶಿಬಿರವನ್ನು ಉದ್ಘಾಟಿಸಿದ ಮುಖಂಡರು ಮಾತನಾಡಿ, ಬಡವರ ಆರೋಗ್ಯ ರಕ್ಷಣೆಗೆ ಇಂತಹ ಶಿಬಿರಗಳು ಸಹಕಾರಿ. ಕೇಂದ್ರ ಸರ್ಕಾರದ ಆಯುಷ್ಮಾನ್ ಭಾರತ್ ಯೋಜನೆಯಡಿ ಸಾರ್ವಜನಿಕರು ನೋಂದಣಿ ಮಾಡಿಸಿಕೊಳ್ಳಬೇಕು ಎಂದರು.
ಕಾರ್ಯಕ್ರಮದಲ್ಲಿ ಬಿಜೆಪಿ ಜಿಲ್ಲಾ ಪ್ರಧಾನ ಕಾರ್ಯದರ್ಶಿ, ನಗರಸಭೆ ಸದಸ್ಯರು, ಪಕ್ಷದ ಮುಖಂಡರು, ಕಾರ್ಯಕರ್ತರು ಹಾಗೂ ವೈದ್ಯರು ಭಾಗವಹಿಸಿದ್ದರು.
